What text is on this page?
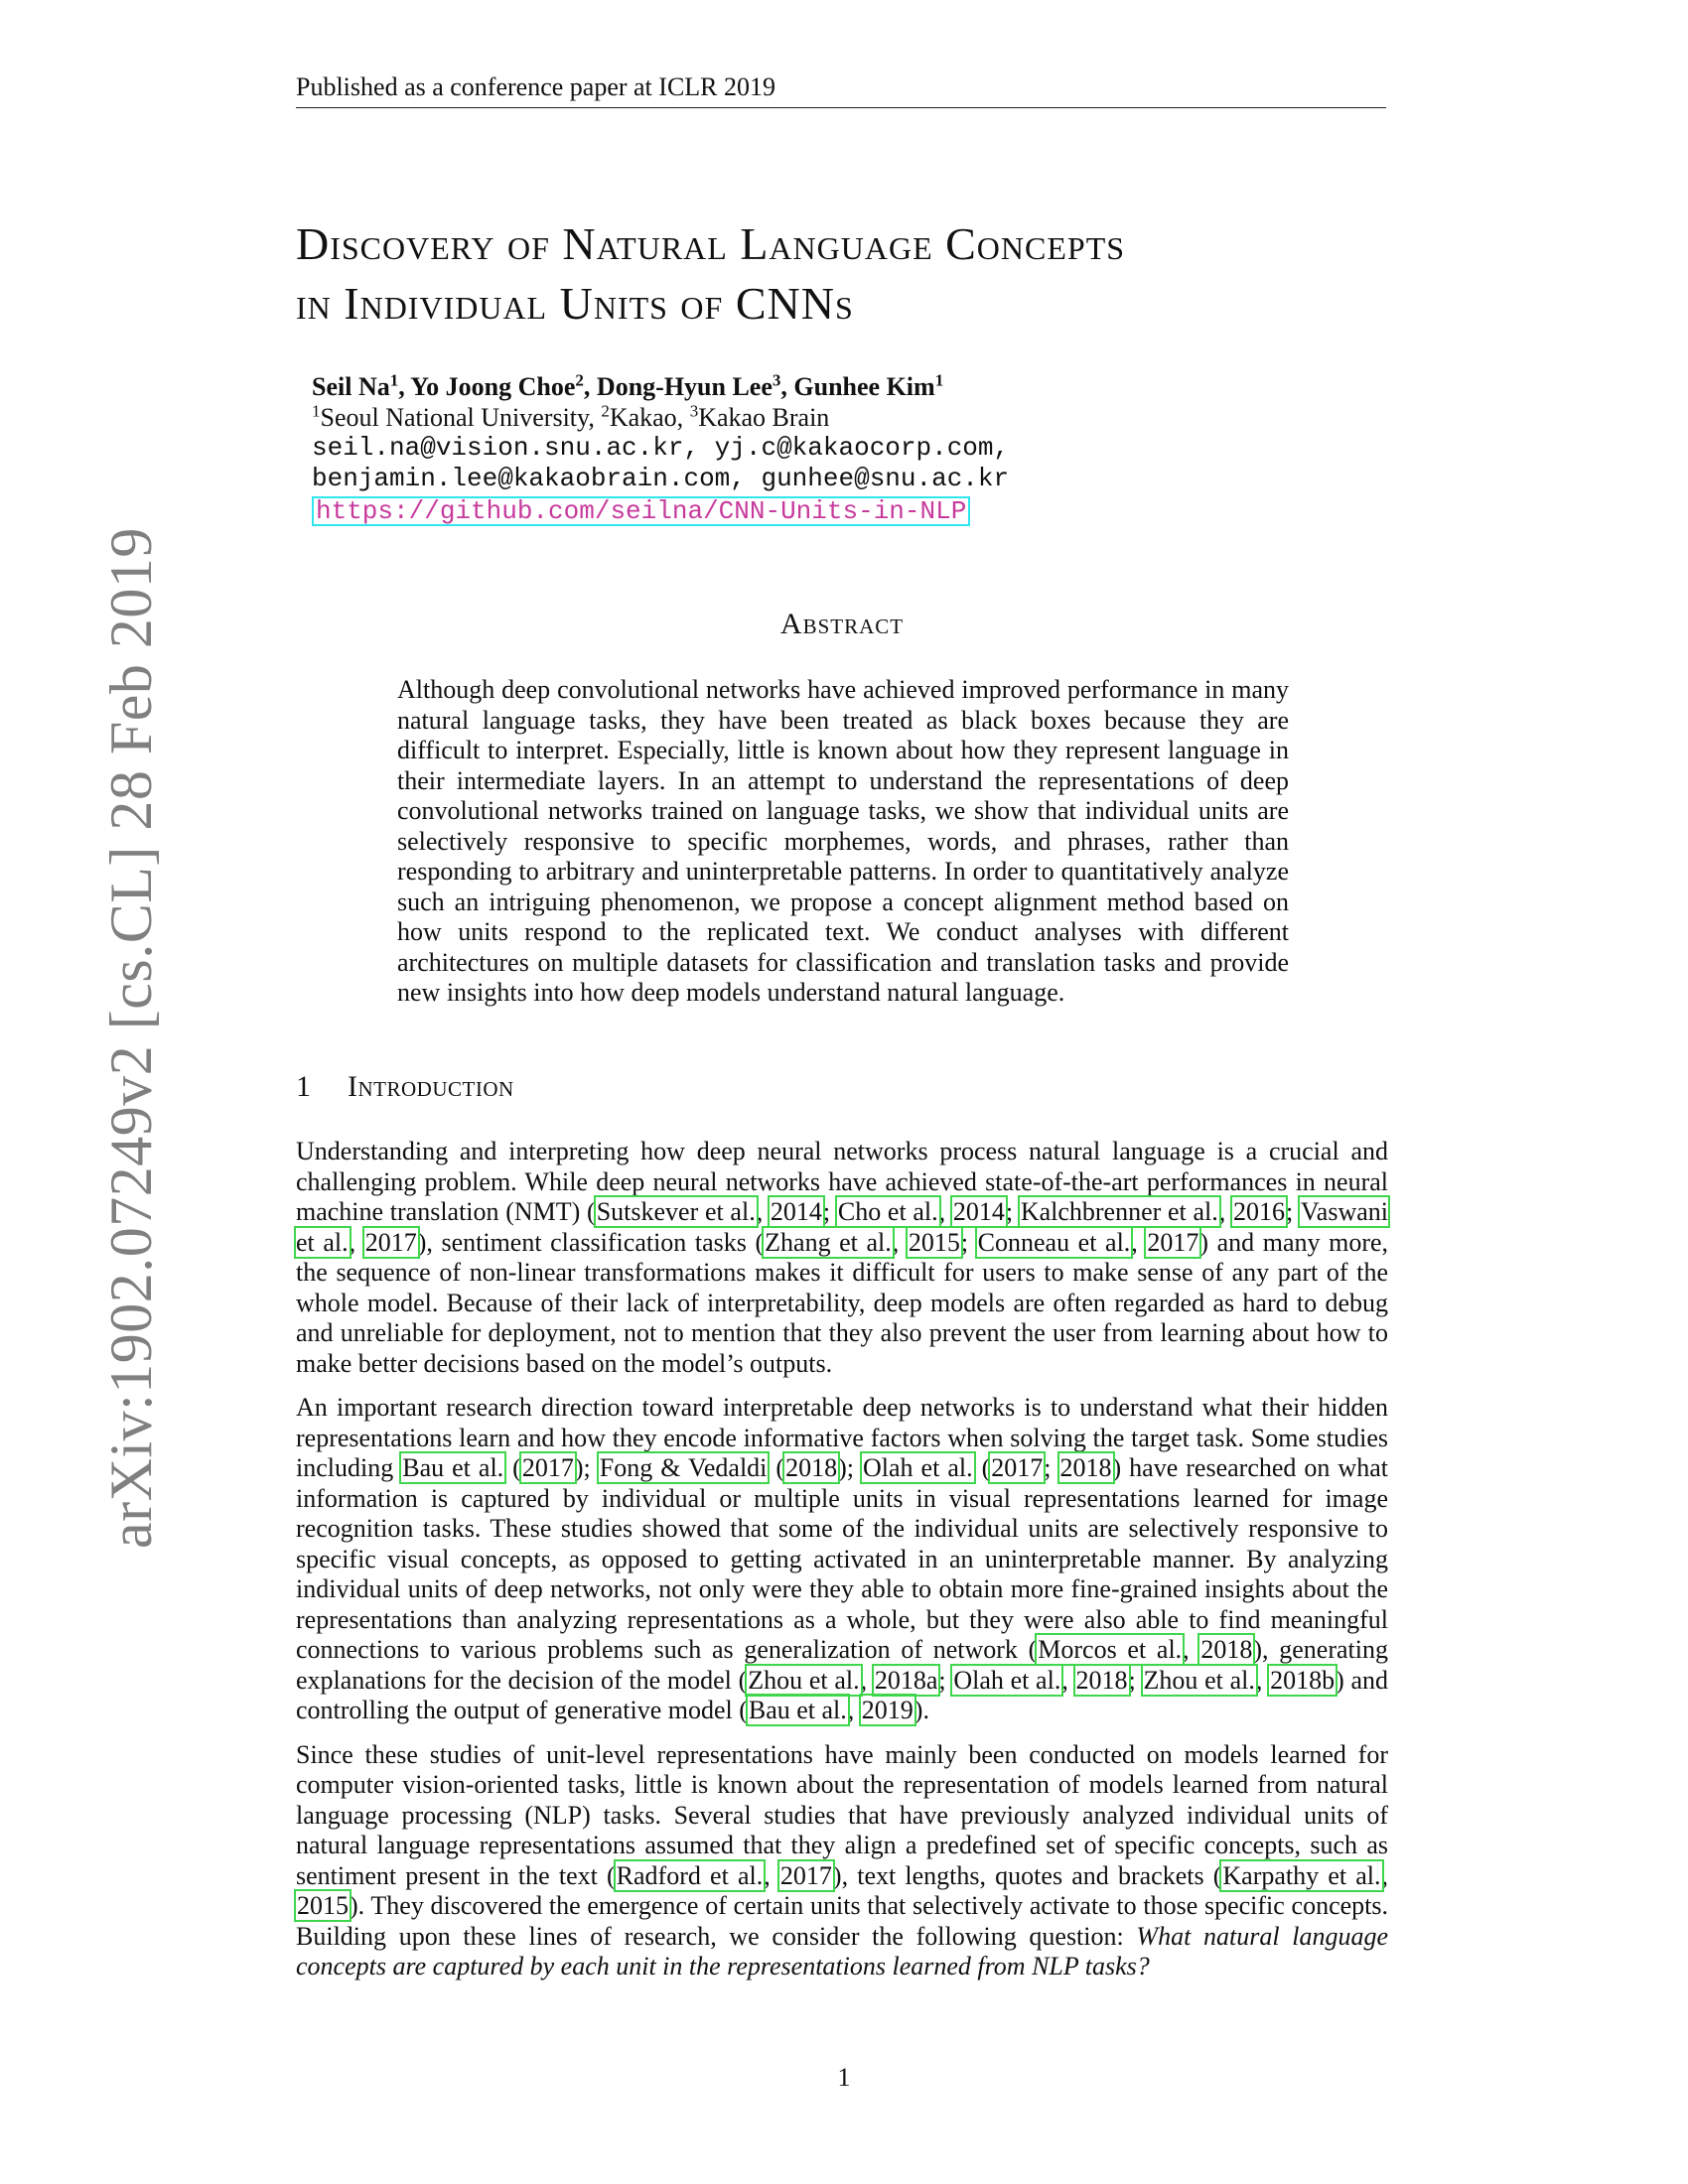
Published as a conference paper at ICLR 2019
Discovery of Natural Language Concepts
in Individual Units of CNNs
Seil Na$^1$, Yo Joong Choe$^2$, Dong-Hyun Lee$^3$, Gunhee Kim$^1$
$^1$Seoul National University, $^2$Kakao, $^3$Kakao Brain
seil.na@vision.snu.ac.kr, yj.c@kakaocorp.com,
benjamin.lee@kakaobrain.com, gunhee@snu.ac.kr
https://github.com/seilna/CNN-Units-in-NLP
arXiv:1902.07249v2 [cs.CL] 28 Feb 2019	Abstract
Although deep convolutional networks have achieved improved performance in many natural language tasks, they have been treated as black boxes because they are difficult to interpret. Especially, little is known about how they represent language in their intermediate layers. In an attempt to understand the representations of deep convolutional networks trained on language tasks, we show that individual units are selectively responsive to specific morphemes, words, and phrases, rather than responding to arbitrary and uninterpretable patterns. In order to quantitatively analyze such an intriguing phenomenon, we propose a concept alignment method based on how units respond to the replicated text. We conduct analyses with different architectures on multiple datasets for classification and translation tasks and provide new insights into how deep models understand natural language.
1 Introduction

Understanding and interpreting how deep neural networks process natural language is a crucial and challenging problem. While deep neural networks have achieved state-of-the-art performances in neural machine translation (NMT) (Sutskever et al., 2014; Cho et al., 2014; Kalchbrenner et al., 2016; Vaswani et al., 2017), sentiment classification tasks (Zhang et al., 2015; Conneau et al., 2017) and many more, the sequence of non-linear transformations makes it difficult for users to make sense of any part of the whole model. Because of their lack of interpretability, deep models are often regarded as hard to debug and unreliable for deployment, not to mention that they also prevent the user from learning about how to make better decisions based on the model’s outputs.

An important research direction toward interpretable deep networks is to understand what their hidden representations learn and how they encode informative factors when solving the target task. Some studies including Bau et al. (2017); Fong & Vedaldi (2018); Olah et al. (2017; 2018) have researched on what information is captured by individual or multiple units in visual representations learned for image recognition tasks. These studies showed that some of the individual units are selectively responsive to specific visual concepts, as opposed to getting activated in an uninterpretable manner. By analyzing individual units of deep networks, not only were they able to obtain more fine-grained insights about the representations than analyzing representations as a whole, but they were also able to find meaningful connections to various problems such as generalization of network (Morcos et al., 2018), generating explanations for the decision of the model (Zhou et al., 2018a; Olah et al., 2018; Zhou et al., 2018b) and controlling the output of generative model (Bau et al., 2019).

Since these studies of unit-level representations have mainly been conducted on models learned for computer vision-oriented tasks, little is known about the representation of models learned from natural language processing (NLP) tasks. Several studies that have previously analyzed individual units of natural language representations assumed that they align a predefined set of specific concepts, such as sentiment present in the text (Radford et al., 2017), text lengths, quotes and brackets (Karpathy et al., 2015). They discovered the emergence of certain units that selectively activate to those specific concepts. Building upon these lines of research, we consider the following question: What natural language concepts are captured by each unit in the representations learned from NLP tasks?

1
